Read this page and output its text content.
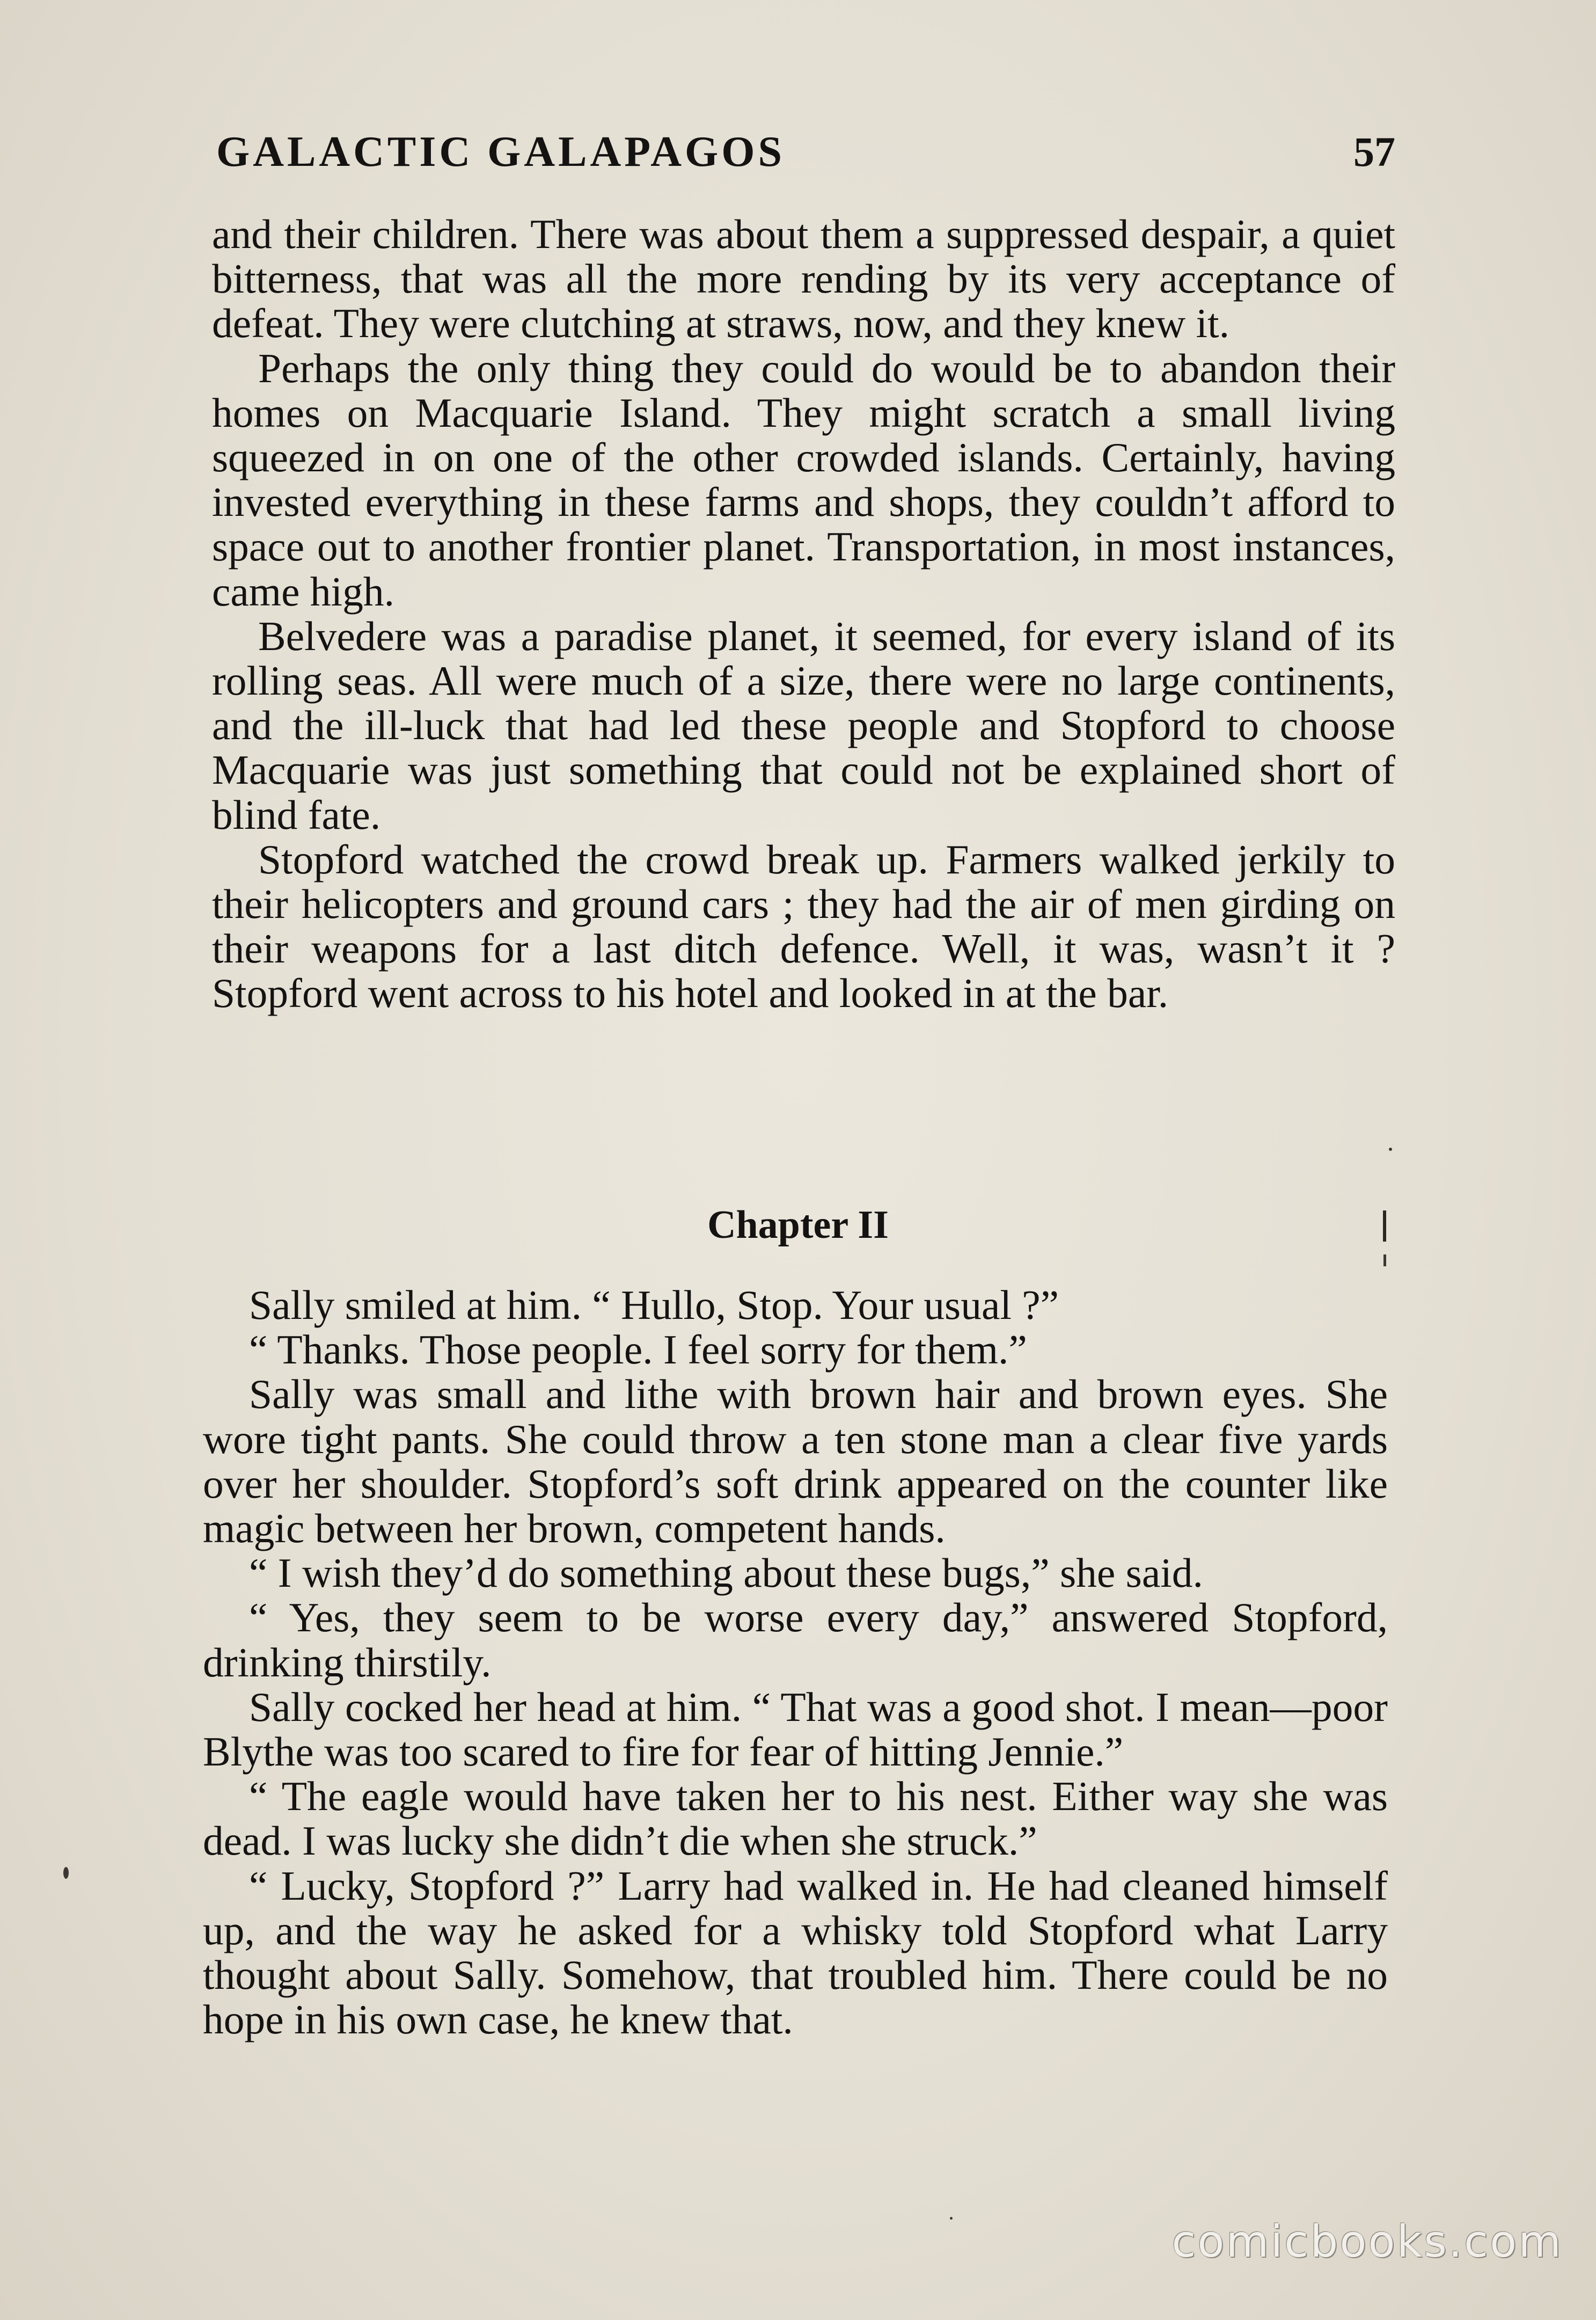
GALACTIC GALAPAGOS	57

and their children. There was about them a suppressed despair, a quiet bitterness, that was all the more rending by its very acceptance of defeat. They were clutching at straws, now, and they knew it.

Perhaps the only thing they could do would be to abandon their homes on Macquarie Island. They might scratch a small living squeezed in on one of the other crowded islands. Certainly, having invested everything in these farms and shops, they couldn’t afford to space out to another frontier planet. Transportation, in most instances, came high.

Belvedere was a paradise planet, it seemed, for every island of its rolling seas. All were much of a size, there were no large continents, and the ill-luck that had led these people and Stopford to choose Macquarie was just something that could not be explained short of blind fate.

Stopford watched the crowd break up. Farmers walked jerkily to their helicopters and ground cars ; they had the air of men girding on their weapons for a last ditch defence. Well, it was, wasn’t it ? Stopford went across to his hotel and looked in at the bar.

Chapter II

Sally smiled at him. “ Hullo, Stop. Your usual ?”

“ Thanks. Those people. I feel sorry for them.”

Sally was small and lithe with brown hair and brown eyes. She wore tight pants. She could throw a ten stone man a clear five yards over her shoulder. Stopford’s soft drink appeared on the counter like magic between her brown, competent hands.

“ I wish they’d do something about these bugs,” she said.

“ Yes, they seem to be worse every day,” answered Stopford, drinking thirstily.

Sally cocked her head at him. “ That was a good shot. I mean—poor Blythe was too scared to fire for fear of hitting Jennie.”

“ The eagle would have taken her to his nest. Either way she was dead. I was lucky she didn’t die when she struck.”

“ Lucky, Stopford ?” Larry had walked in. He had cleaned himself up, and the way he asked for a whisky told Stopford what Larry thought about Sally. Somehow, that troubled him. There could be no hope in his own case, he knew that.

comicbooks.com
